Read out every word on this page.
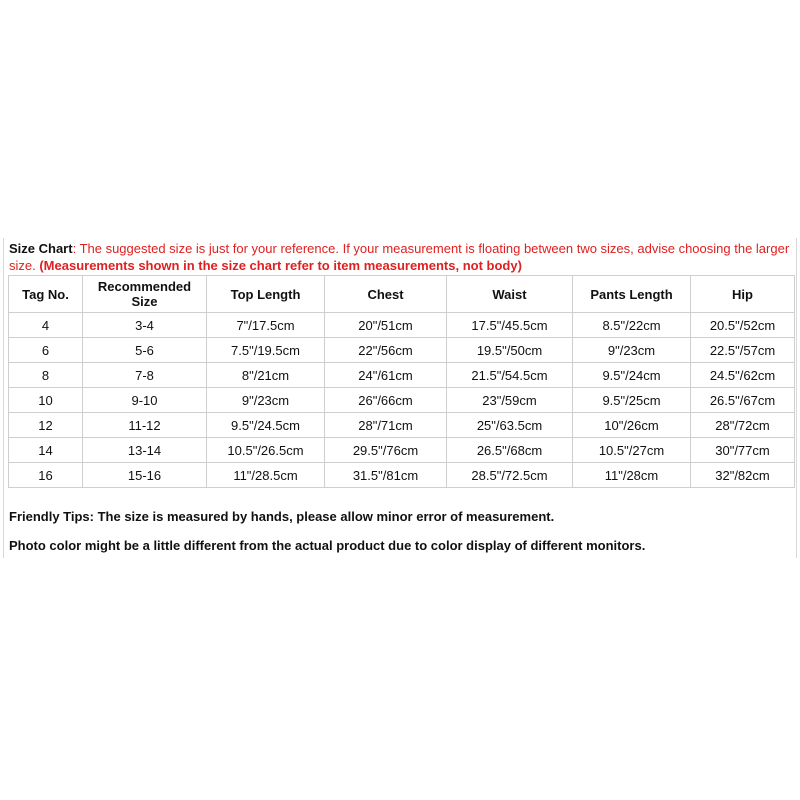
Size Chart: The suggested size is just for your reference. If your measurement is floating between two sizes, advise choosing the larger size. (Measurements shown in the size chart refer to item measurements, not body)
Tag No.	Recommended Size	Top Length	Chest	Waist	Pants Length	Hip
4	3-4	7"/17.5cm	20"/51cm	17.5"/45.5cm	8.5"/22cm	20.5"/52cm
6	5-6	7.5"/19.5cm	22"/56cm	19.5"/50cm	9"/23cm	22.5"/57cm
8	7-8	8"/21cm	24"/61cm	21.5"/54.5cm	9.5"/24cm	24.5"/62cm
10	9-10	9"/23cm	26"/66cm	23"/59cm	9.5"/25cm	26.5"/67cm
12	11-12	9.5"/24.5cm	28"/71cm	25"/63.5cm	10"/26cm	28"/72cm
14	13-14	10.5"/26.5cm	29.5"/76cm	26.5"/68cm	10.5"/27cm	30"/77cm
16	15-16	11"/28.5cm	31.5"/81cm	28.5"/72.5cm	11"/28cm	32"/82cm
Friendly Tips: The size is measured by hands, please allow minor error of measurement.
Photo color might be a little different from the actual product due to color display of different monitors.
